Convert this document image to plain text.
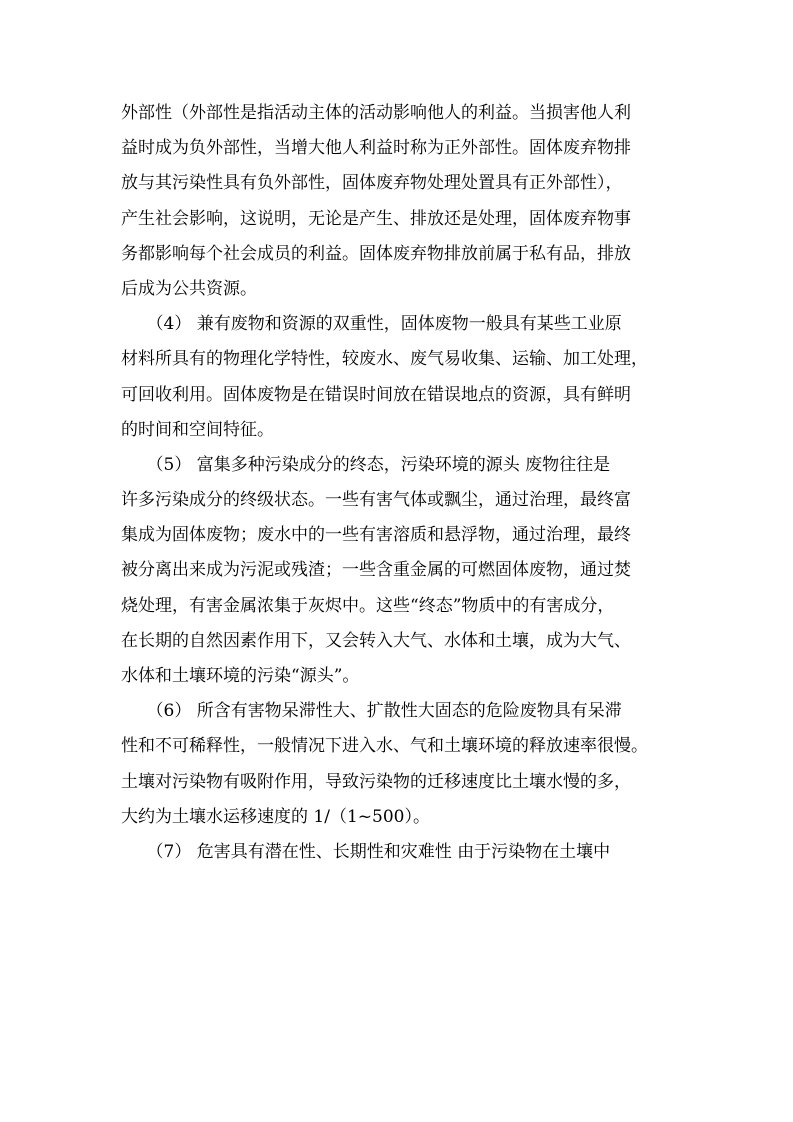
外部性（外部性是指活动主体的活动影响他人的利益。当损害他人利
益时成为负外部性，当增大他人利益时称为正外部性。固体废弃物排
放与其污染性具有负外部性，固体废弃物处理处置具有正外部性），
产生社会影响，这说明，无论是产生、排放还是处理，固体废弃物事
务都影响每个社会成员的利益。固体废弃物排放前属于私有品，排放
后成为公共资源。
　　（4） 兼有废物和资源的双重性，固体废物一般具有某些工业原
材料所具有的物理化学特性，较废水、废气易收集、运输、加工处理，
可回收利用。固体废物是在错误时间放在错误地点的资源，具有鲜明
的时间和空间特征。
　　（5） 富集多种污染成分的终态，污染环境的源头 废物往往是
许多污染成分的终级状态。一些有害气体或飘尘，通过治理，最终富
集成为固体废物；废水中的一些有害溶质和悬浮物，通过治理，最终
被分离出来成为污泥或残渣；一些含重金属的可燃固体废物，通过焚
烧处理，有害金属浓集于灰烬中。这些“终态”物质中的有害成分，
在长期的自然因素作用下，又会转入大气、水体和土壤，成为大气、
水体和土壤环境的污染“源头”。
　　（6） 所含有害物呆滞性大、扩散性大固态的危险废物具有呆滞
性和不可稀释性，一般情况下进入水、气和土壤环境的释放速率很慢。
土壤对污染物有吸附作用，导致污染物的迁移速度比土壤水慢的多，
大约为土壤水运移速度的 1/（1~500）。
　　（7） 危害具有潜在性、长期性和灾难性 由于污染物在土壤中
